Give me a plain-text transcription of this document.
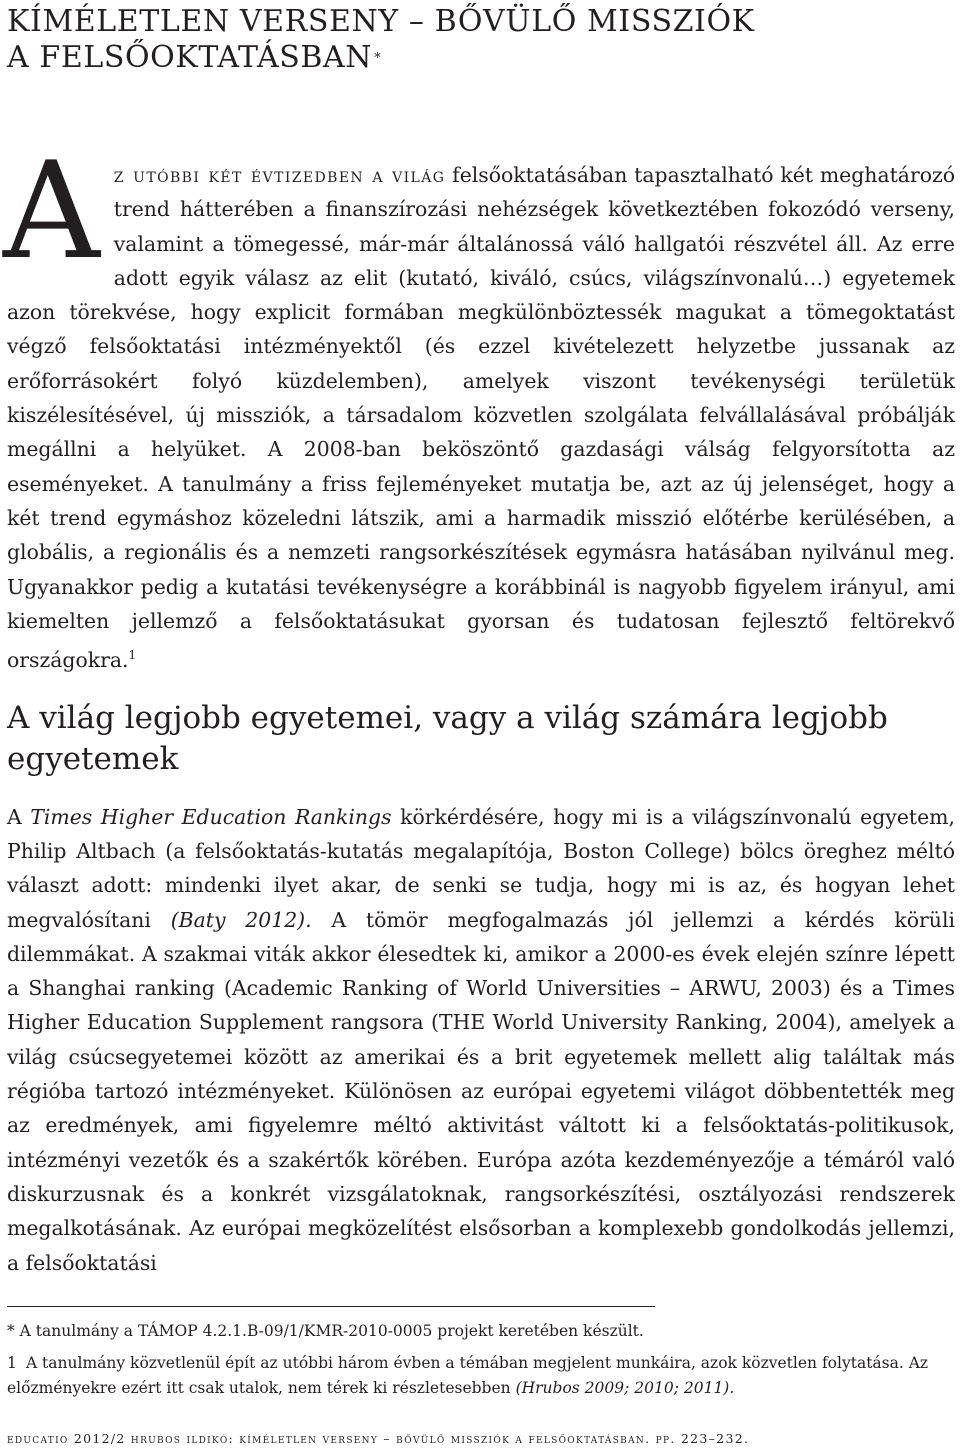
KÍMÉLETLEN VERSENY – BŐVÜLŐ MISSZIÓK
A FELSŐOKTATÁSBAN *

Az utóbbi két évtizedben a világ felsőoktatásában tapasztalható két meghatározó trend hátterében a finanszírozási nehézségek következtében fokozódó verseny, valamint a tömegessé, már-már általánossá váló hallgatói részvétel áll. Az erre adott egyik válasz az elit (kutató, kiváló, csúcs, világszínvonalú…) egyetemek azon törekvése, hogy explicit formában megkülönböztessék magukat a tömegoktatást végző felsőoktatási intézményektől (és ezzel kivételezett helyzetbe jussanak az erőforrásokért folyó küzdelemben), amelyek viszont tevékenységi területük kiszélesítésével, új missziók, a társadalom közvetlen szolgálata felvállalásával próbálják megállni a helyüket. A 2008-ban beköszöntő gazdasági válság felgyorsította az eseményeket. A tanulmány a friss fejleményeket mutatja be, azt az új jelenséget, hogy a két trend egymáshoz közeledni látszik, ami a harmadik misszió előtérbe kerülésében, a globális, a regionális és a nemzeti rangsorkészítések egymásra hatásában nyilvánul meg. Ugyanakkor pedig a kutatási tevékenységre a korábbinál is nagyobb figyelem irányul, ami kiemelten jellemző a felsőoktatásukat gyorsan és tudatosan fejlesztő feltörekvő országokra.$^1$

A világ legjobb egyetemei, vagy a világ számára legjobb
egyetemek

A Times Higher Education Rankings körkérdésére, hogy mi is a világszínvonalú egyetem, Philip Altbach (a felsőoktatás-kutatás megalapítója, Boston College) bölcs öreghez méltó választ adott: mindenki ilyet akar, de senki se tudja, hogy mi is az, és hogyan lehet megvalósítani (Baty 2012). A tömör megfogalmazás jól jellemzi a kérdés körüli dilemmákat. A szakmai viták akkor élesedtek ki, amikor a 2000-es évek elején színre lépett a Shanghai ranking (Academic Ranking of World Universities – ARWU, 2003) és a Times Higher Education Supplement rangsora (THE World University Ranking, 2004), amelyek a világ csúcsegyetemei között az amerikai és a brit egyetemek mellett alig találtak más régióba tartozó intézményeket. Különösen az európai egyetemi világot döbbentették meg az eredmények, ami figyelemre méltó aktivitást váltott ki a felsőoktatás-politikusok, intézményi vezetők és a szakértők körében. Európa azóta kezdeményezője a témáról való diskurzusnak és a konkrét vizsgálatoknak, rangsorkészítési, osztályozási rendszerek megalkotásának. Az európai megközelítést elsősorban a komplexebb gondolkodás jellemzi, a felsőoktatási

* A tanulmány a TÁMOP 4.2.1.B-09/1/KMR-2010-0005 projekt keretében készült.
1 A tanulmány közvetlenül épít az utóbbi három évben a témában megjelent munkáira, azok közvetlen folytatása. Az előzményekre ezért itt csak utalok, nem térek ki részletesebben (Hrubos 2009; 2010; 2011).
educatio 2012/2 hrubos ildikó: kíméletlen verseny – bővülő missziók a felsőoktatásban. pp. 223–232.
